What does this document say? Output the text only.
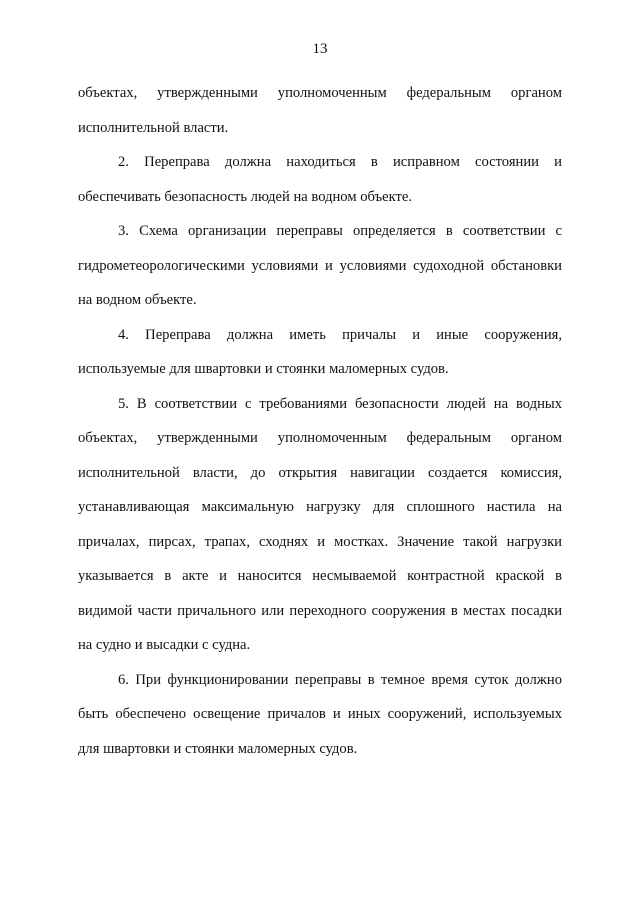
13

объектах, утвержденными уполномоченным федеральным органом исполнительной власти.

2. Переправа должна находиться в исправном состоянии и обеспечивать безопасность людей на водном объекте.

3. Схема организации переправы определяется в соответствии с гидрометеорологическими условиями и условиями судоходной обстановки на водном объекте.

4. Переправа должна иметь причалы и иные сооружения, используемые для швартовки и стоянки маломерных судов.

5. В соответствии с требованиями безопасности людей на водных объектах, утвержденными уполномоченным федеральным органом исполнительной власти, до открытия навигации создается комиссия, устанавливающая максимальную нагрузку для сплошного настила на причалах, пирсах, трапах, сходнях и мостках. Значение такой нагрузки указывается в акте и наносится несмываемой контрастной краской в видимой части причального или переходного сооружения в местах посадки на судно и высадки с судна.

6. При функционировании переправы в темное время суток должно быть обеспечено освещение причалов и иных сооружений, используемых для швартовки и стоянки маломерных судов.
